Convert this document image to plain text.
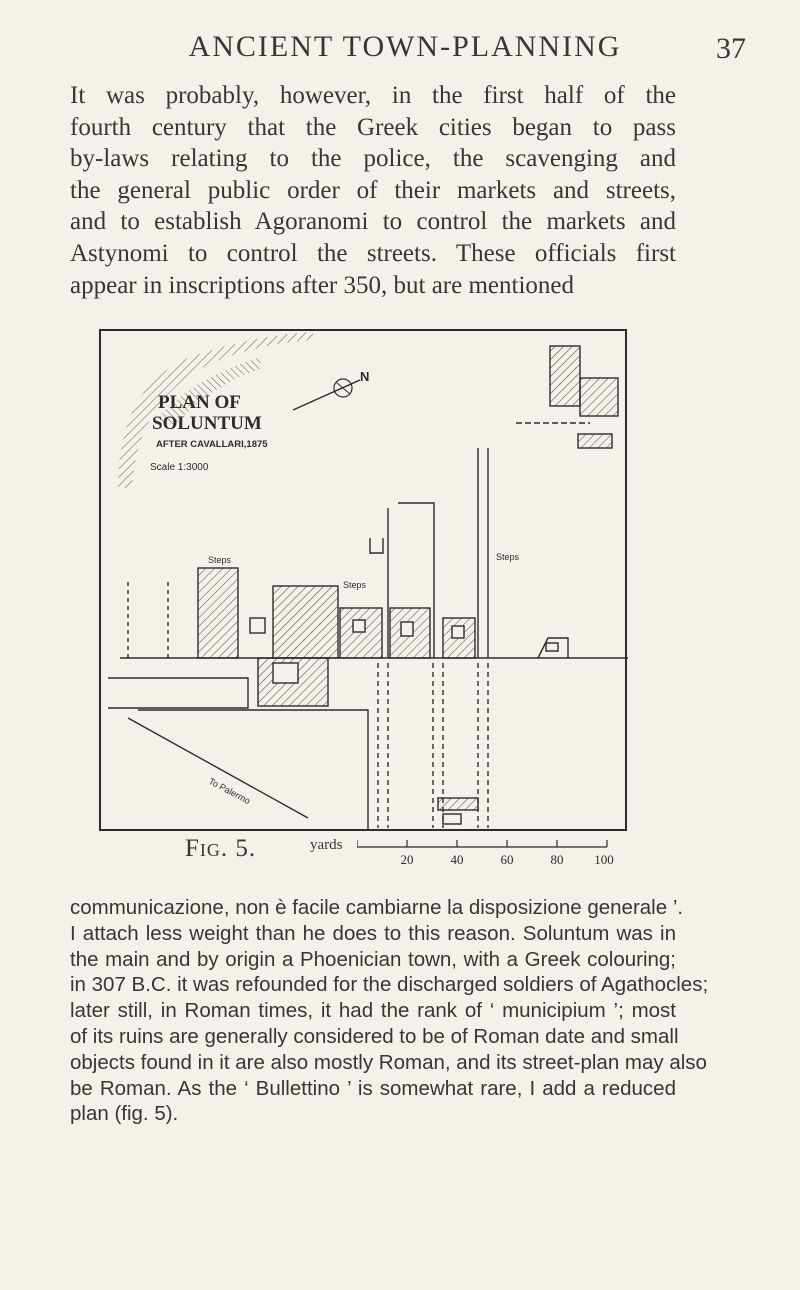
ANCIENT TOWN-PLANNING	37

It was probably, however, in the first half of the
fourth century that the Greek cities began to pass
by-laws relating to the police, the scavenging and
the general public order of their markets and streets,
and to establish Agoranomi to control the markets and
Astynomi to control the streets. These officials first
appear in inscriptions after 350, but are mentioned

PLAN OF
SOLUNTUM
AFTER CAVALLARI,1875
Scale 1:3000
N
Steps
Steps
Steps
To Palermo
Fig. 5.	yards
20	40	60	80 100

communicazione, non è facile cambiarne la disposizione generale ’.
I attach less weight than he does to this reason. Soluntum was in
the main and by origin a Phoenician town, with a Greek colouring;
in 307 B.C. it was refounded for the discharged soldiers of Agathocles;
later still, in Roman times, it had the rank of ‘ municipium ’; most
of its ruins are generally considered to be of Roman date and small
objects found in it are also mostly Roman, and its street-plan may also
be Roman. As the ‘ Bullettino ’ is somewhat rare, I add a reduced
plan (fig. 5).
